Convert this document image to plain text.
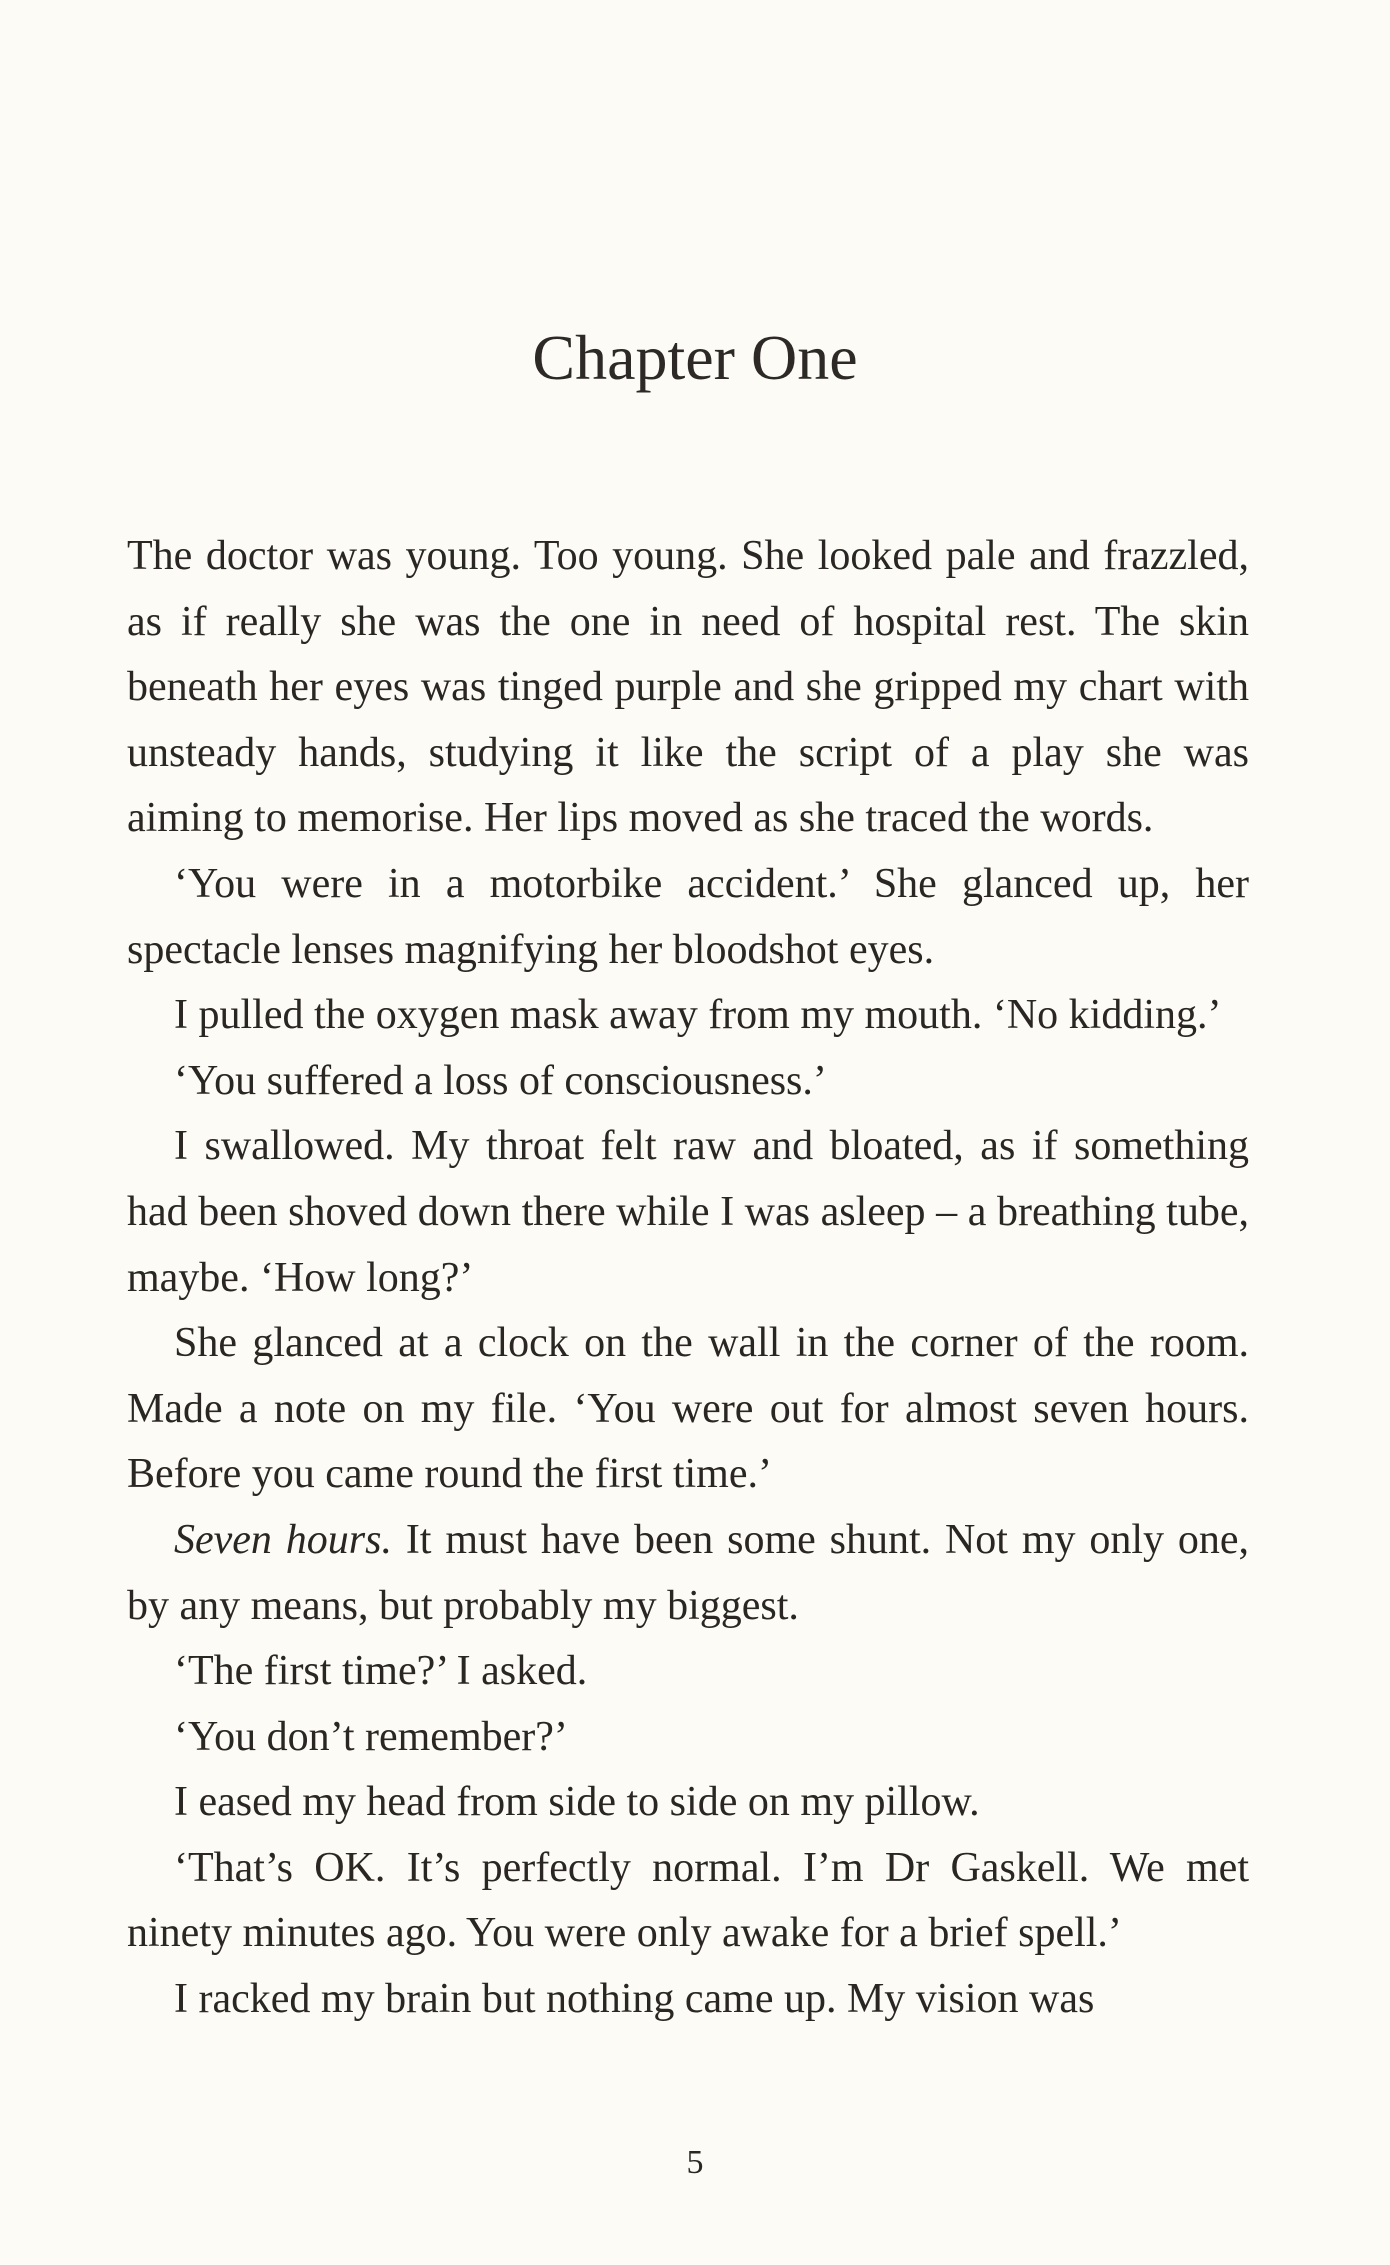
Chapter One

The doctor was young. Too young. She looked pale and frazzled, as if really she was the one in need of hospital rest. The skin beneath her eyes was tinged purple and she gripped my chart with unsteady hands, studying it like the script of a play she was aiming to memorise. Her lips moved as she traced the words.

‘You were in a motorbike accident.’ She glanced up, her spectacle lenses magnifying her bloodshot eyes.

I pulled the oxygen mask away from my mouth. ‘No kidding.’

‘You suffered a loss of consciousness.’

I swallowed. My throat felt raw and bloated, as if something had been shoved down there while I was asleep – a breathing tube, maybe. ‘How long?’

She glanced at a clock on the wall in the corner of the room. Made a note on my file. ‘You were out for almost seven hours. Before you came round the first time.’

Seven hours. It must have been some shunt. Not my only one, by any means, but probably my biggest.

‘The first time?’ I asked.

‘You don’t remember?’

I eased my head from side to side on my pillow.

‘That’s OK. It’s perfectly normal. I’m Dr Gaskell. We met ninety minutes ago. You were only awake for a brief spell.’

I racked my brain but nothing came up. My vision was

5
